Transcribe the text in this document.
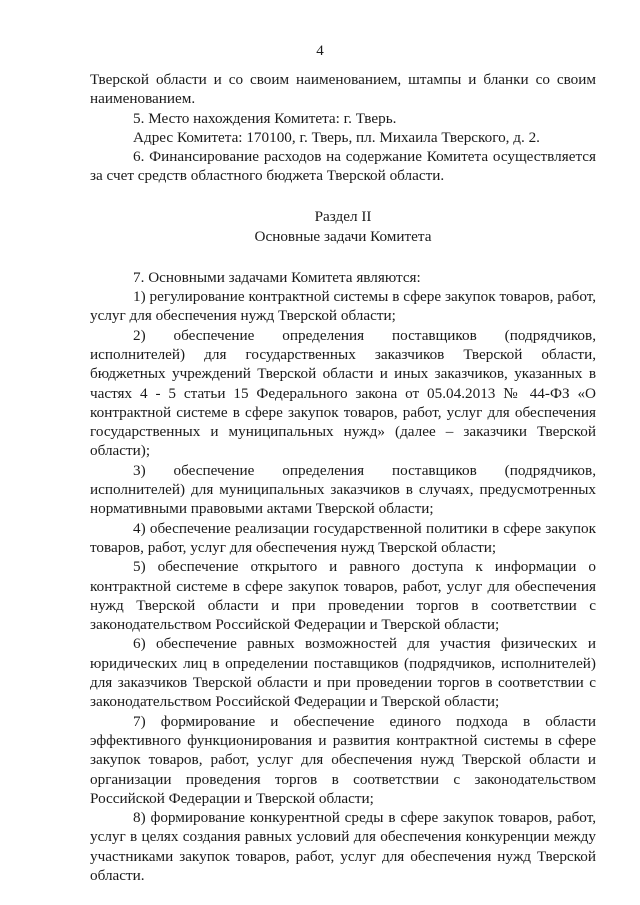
4

Тверской области и со своим наименованием, штампы и бланки со своим наименованием.

5. Место нахождения Комитета: г. Тверь.

Адрес Комитета: 170100, г. Тверь, пл. Михаила Тверского, д. 2.

6. Финансирование расходов на содержание Комитета осуществляется за счет средств областного бюджета Тверской области.

Раздел II
Основные задачи Комитета

7. Основными задачами Комитета являются:

1) регулирование контрактной системы в сфере закупок товаров, работ, услуг для обеспечения нужд Тверской области;

2) обеспечение определения поставщиков (подрядчиков, исполнителей) для государственных заказчиков Тверской области, бюджетных учреждений Тверской области и иных заказчиков, указанных в частях 4 - 5 статьи 15 Федерального закона от 05.04.2013 № 44-ФЗ «О контрактной системе в сфере закупок товаров, работ, услуг для обеспечения государственных и муниципальных нужд» (далее – заказчики Тверской области);

3) обеспечение определения поставщиков (подрядчиков, исполнителей) для муниципальных заказчиков в случаях, предусмотренных нормативными правовыми актами Тверской области;

4) обеспечение реализации государственной политики в сфере закупок товаров, работ, услуг для обеспечения нужд Тверской области;

5) обеспечение открытого и равного доступа к информации о контрактной системе в сфере закупок товаров, работ, услуг для обеспечения нужд Тверской области и при проведении торгов в соответствии с законодательством Российской Федерации и Тверской области;

6) обеспечение равных возможностей для участия физических и юридических лиц в определении поставщиков (подрядчиков, исполнителей) для заказчиков Тверской области и при проведении торгов в соответствии с законодательством Российской Федерации и Тверской области;

7) формирование и обеспечение единого подхода в области эффективного функционирования и развития контрактной системы в сфере закупок товаров, работ, услуг для обеспечения нужд Тверской области и организации проведения торгов в соответствии с законодательством Российской Федерации и Тверской области;

8) формирование конкурентной среды в сфере закупок товаров, работ, услуг в целях создания равных условий для обеспечения конкуренции между участниками закупок товаров, работ, услуг для обеспечения нужд Тверской области.
